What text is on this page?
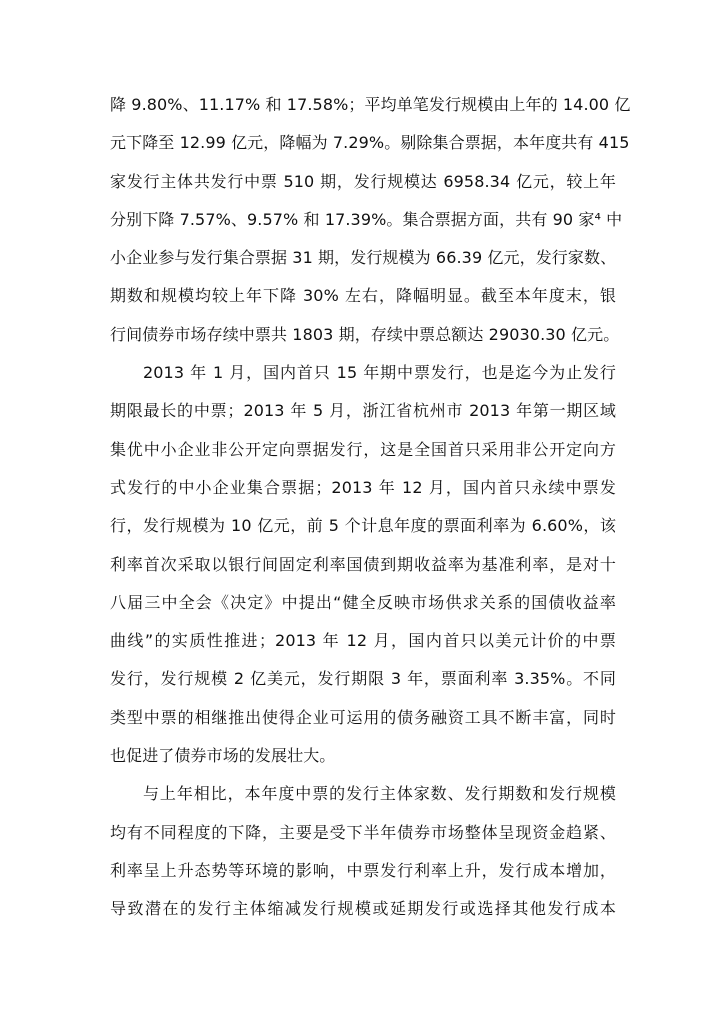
降 9.80%、11.17% 和 17.58%；平均单笔发行规模由上年的 14.00 亿
元下降至 12.99 亿元，降幅为 7.29%。剔除集合票据，本年度共有 415
家发行主体共发行中票 510 期，发行规模达 6958.34 亿元，较上年
分别下降 7.57%、9.57% 和 17.39%。集合票据方面，共有 90 家⁴ 中
小企业参与发行集合票据 31 期，发行规模为 66.39 亿元，发行家数、
期数和规模均较上年下降 30% 左右，降幅明显。截至本年度末，银
行间债券市场存续中票共 1803 期，存续中票总额达 29030.30 亿元。
2013 年 1 月，国内首只 15 年期中票发行，也是迄今为止发行
期限最长的中票；2013 年 5 月，浙江省杭州市 2013 年第一期区域
集优中小企业非公开定向票据发行，这是全国首只采用非公开定向方
式发行的中小企业集合票据；2013 年 12 月，国内首只永续中票发
行，发行规模为 10 亿元，前 5 个计息年度的票面利率为 6.60%，该
利率首次采取以银行间固定利率国债到期收益率为基准利率，是对十
八届三中全会《决定》中提出“健全反映市场供求关系的国债收益率
曲线”的实质性推进；2013 年 12 月，国内首只以美元计价的中票
发行，发行规模 2 亿美元，发行期限 3 年，票面利率 3.35%。不同
类型中票的相继推出使得企业可运用的债务融资工具不断丰富，同时
也促进了债券市场的发展壮大。
与上年相比，本年度中票的发行主体家数、发行期数和发行规模
均有不同程度的下降，主要是受下半年债券市场整体呈现资金趋紧、
利率呈上升态势等环境的影响，中票发行利率上升，发行成本增加，
导致潜在的发行主体缩减发行规模或延期发行或选择其他发行成本
